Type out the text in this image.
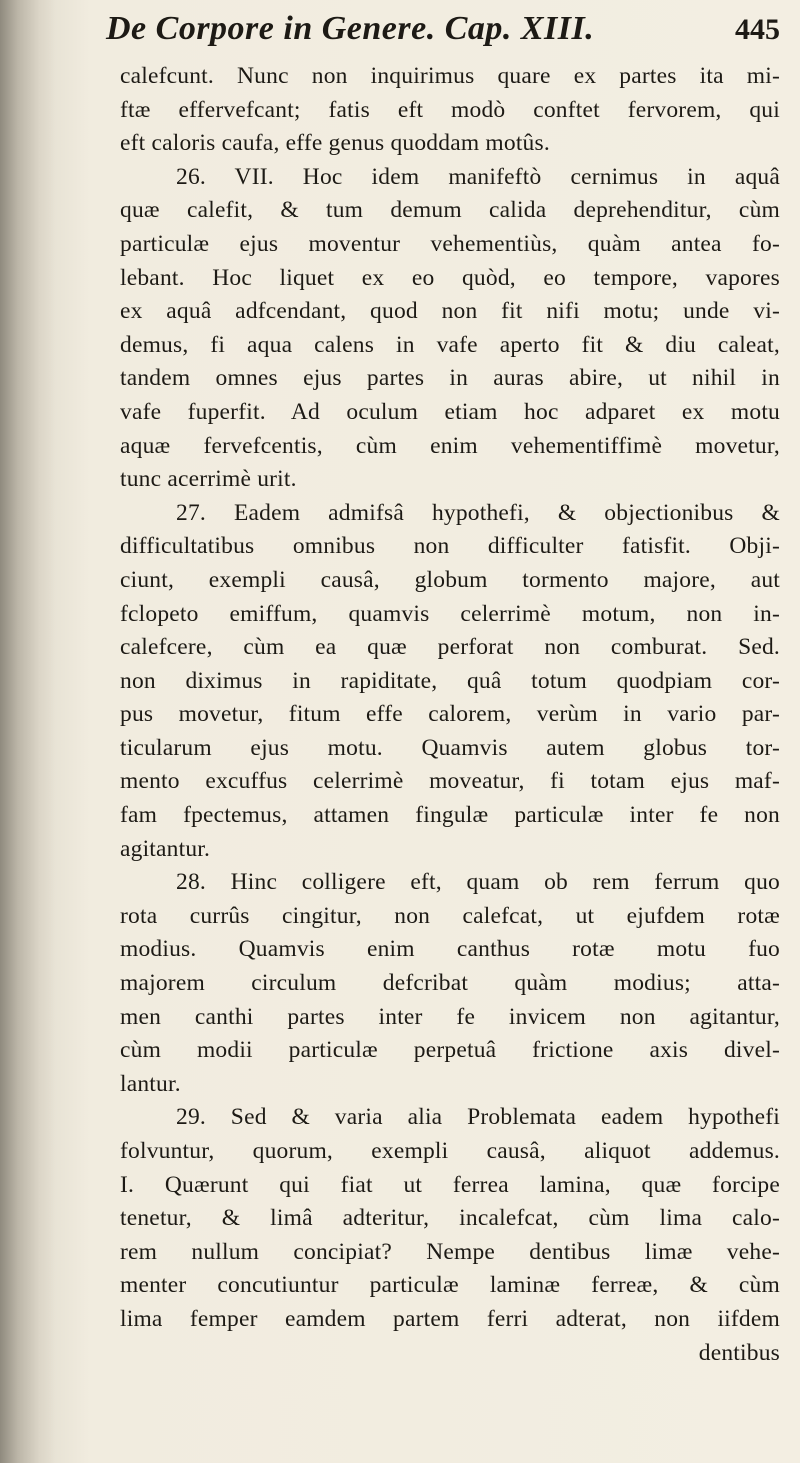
De Corpore in Genere. Cap. XIII.	445
calefcunt. Nunc non inquirimus quare ex partes ita mi-
ftæ effervefcant; fatis eft modò conftet fervorem, qui
eft caloris caufa, effe genus quoddam motûs.
26. VII. Hoc idem manifeftò cernimus in aquâ
quæ calefit, & tum demum calida deprehenditur, cùm
particulæ ejus moventur vehementiùs, quàm antea fo-
lebant. Hoc liquet ex eo quòd, eo tempore, vapores
ex aquâ adfcendant, quod non fit nifi motu; unde vi-
demus, fi aqua calens in vafe aperto fit & diu caleat,
tandem omnes ejus partes in auras abire, ut nihil in
vafe fuperfit. Ad oculum etiam hoc adparet ex motu
aquæ fervefcentis, cùm enim vehementiffimè movetur,
tunc acerrimè urit.
27. Eadem admifsâ hypothefi, & objectionibus &
difficultatibus omnibus non difficulter fatisfit. Obji-
ciunt, exempli causâ, globum tormento majore, aut
fclopeto emiffum, quamvis celerrimè motum, non in-
calefcere, cùm ea quæ perforat non comburat. Sed.
non diximus in rapiditate, quâ totum quodpiam cor-
pus movetur, fitum effe calorem, verùm in vario par-
ticularum ejus motu. Quamvis autem globus tor-
mento excuffus celerrimè moveatur, fi totam ejus maf-
fam fpectemus, attamen fingulæ particulæ inter fe non
agitantur.
28. Hinc colligere eft, quam ob rem ferrum quo
rota currûs cingitur, non calefcat, ut ejufdem rotæ
modius. Quamvis enim canthus rotæ motu fuo
majorem circulum defcribat quàm modius; atta-
men canthi partes inter fe invicem non agitantur,
cùm modii particulæ perpetuâ frictione axis divel-
lantur.
29. Sed & varia alia Problemata eadem hypothefi
folvuntur, quorum, exempli causâ, aliquot addemus.
I. Quærunt qui fiat ut ferrea lamina, quæ forcipe
tenetur, & limâ adteritur, incalefcat, cùm lima calo-
rem nullum concipiat? Nempe dentibus limæ vehe-
menter concutiuntur particulæ laminæ ferreæ, & cùm
lima femper eamdem partem ferri adterat, non iifdem
dentibus
